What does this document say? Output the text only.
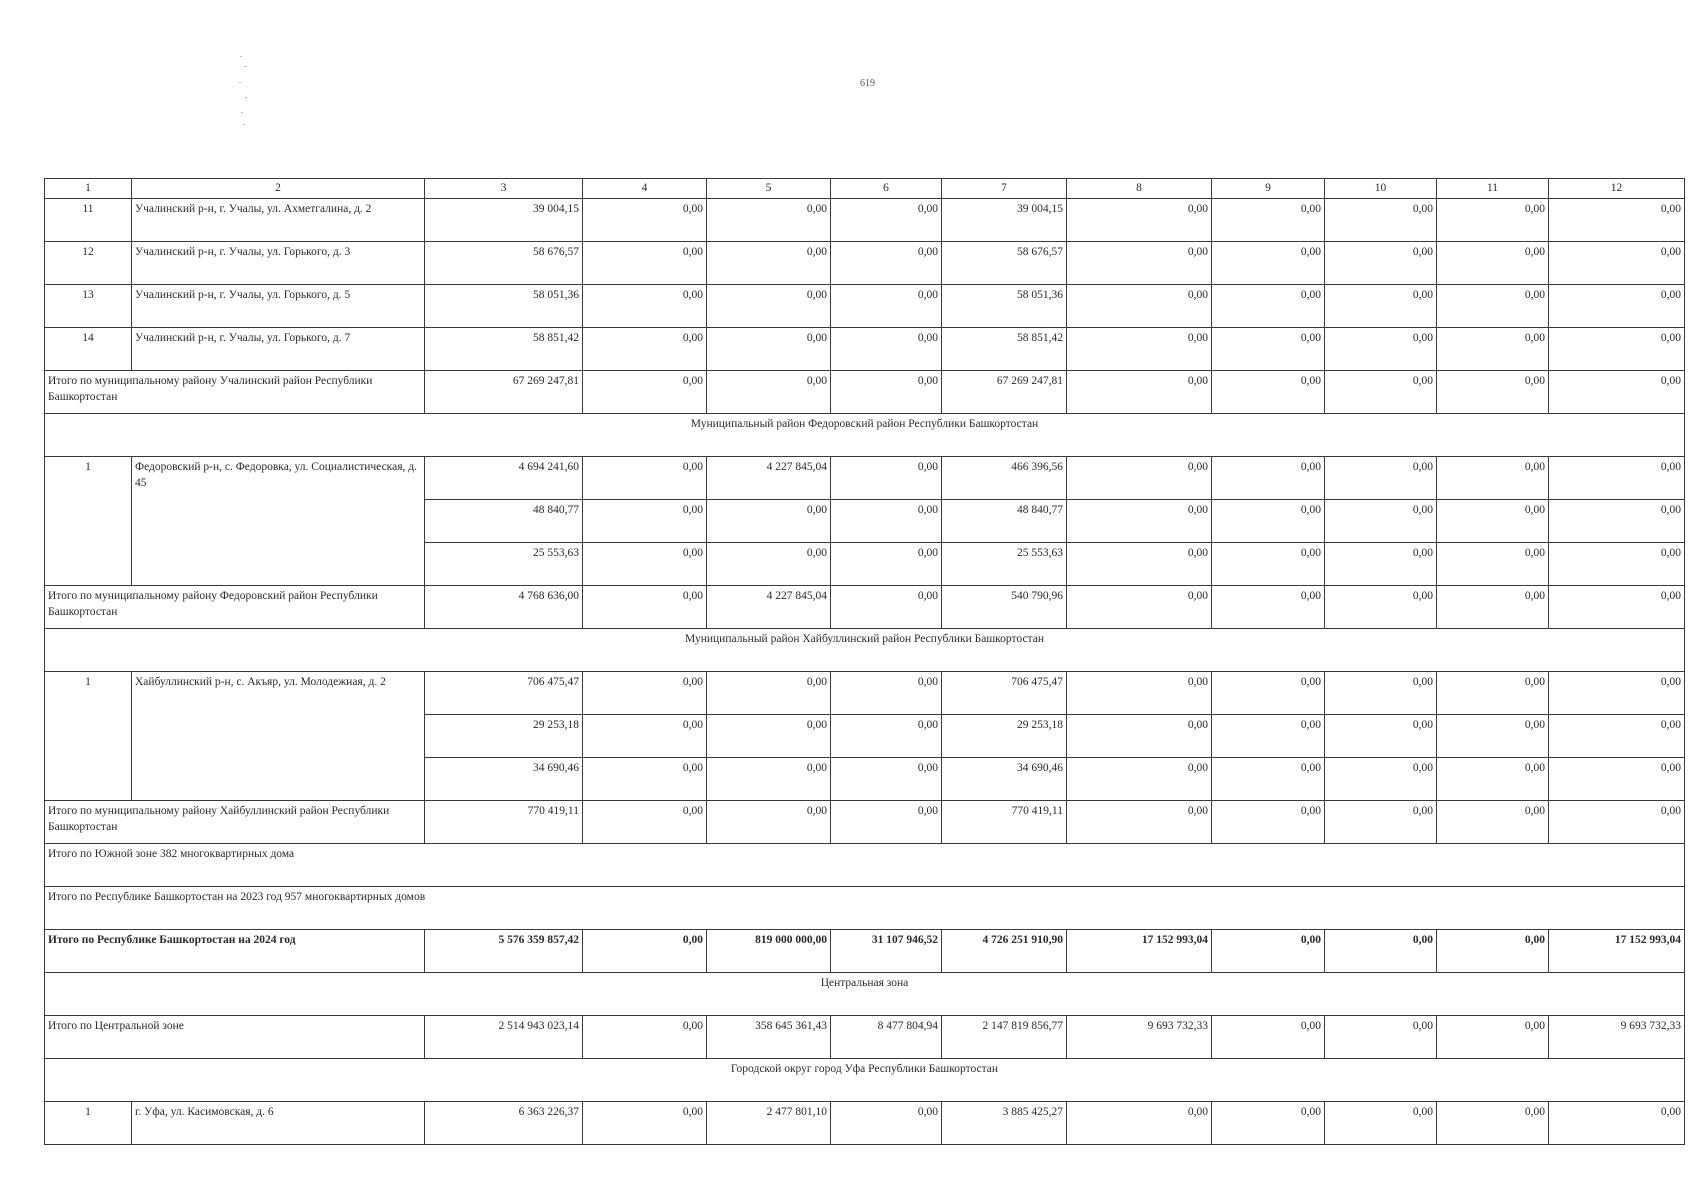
619
1	2	3	4	5	6	7	8	9	10	11	12
11	Учалинский р-н, г. Учалы, ул. Ахметгалина, д. 2	39 004,15	0,00	0,00	0,00	39 004,15	0,00	0,00	0,00	0,00	0,00
12	Учалинский р-н, г. Учалы, ул. Горького, д. 3	58 676,57	0,00	0,00	0,00	58 676,57	0,00	0,00	0,00	0,00	0,00
13	Учалинский р-н, г. Учалы, ул. Горького, д. 5	58 051,36	0,00	0,00	0,00	58 051,36	0,00	0,00	0,00	0,00	0,00
14	Учалинский р-н, г. Учалы, ул. Горького, д. 7	58 851,42	0,00	0,00	0,00	58 851,42	0,00	0,00	0,00	0,00	0,00
Итого по муниципальному району Учалинский район Республики Башкортостан		67 269 247,81	0,00	0,00	0,00	67 269 247,81	0,00	0,00	0,00	0,00	0,00
Муниципальный район Федоровский район Республики Башкортостан											
1	Федоровский р-н, с. Федоровка, ул. Социалистическая, д. 45	4 694 241,60	0,00	4 227 845,04	0,00	466 396,56	0,00	0,00	0,00	0,00	0,00
		48 840,77	0,00	0,00	0,00	48 840,77	0,00	0,00	0,00	0,00	0,00
		25 553,63	0,00	0,00	0,00	25 553,63	0,00	0,00	0,00	0,00	0,00
Итого по муниципальному району Федоровский район Республики Башкортостан		4 768 636,00	0,00	4 227 845,04	0,00	540 790,96	0,00	0,00	0,00	0,00	0,00
Муниципальный район Хайбуллинский район Республики Башкортостан											
1	Хайбуллинский р-н, с. Акъяр, ул. Молодежная, д. 2	706 475,47	0,00	0,00	0,00	706 475,47	0,00	0,00	0,00	0,00	0,00
		29 253,18	0,00	0,00	0,00	29 253,18	0,00	0,00	0,00	0,00	0,00
		34 690,46	0,00	0,00	0,00	34 690,46	0,00	0,00	0,00	0,00	0,00
Итого по муниципальному району Хайбуллинский район Республики Башкортостан		770 419,11	0,00	0,00	0,00	770 419,11	0,00	0,00	0,00	0,00	0,00
Итого по Южной зоне 382 многоквартирных дома											
Итого по Республике Башкортостан на 2023 год 957 многоквартирных домов											
Итого по Республике Башкортостан на 2024 год		5 576 359 857,42	0,00	819 000 000,00	31 107 946,52	4 726 251 910,90	17 152 993,04	0,00	0,00	0,00	17 152 993,04
Центральная зона											
Итого по Центральной зоне		2 514 943 023,14	0,00	358 645 361,43	8 477 804,94	2 147 819 856,77	9 693 732,33	0,00	0,00	0,00	9 693 732,33
Городской округ город Уфа Республики Башкортостан											
1	г. Уфа, ул. Касимовская, д. 6	6 363 226,37	0,00	2 477 801,10	0,00	3 885 425,27	0,00	0,00	0,00	0,00	0,00
